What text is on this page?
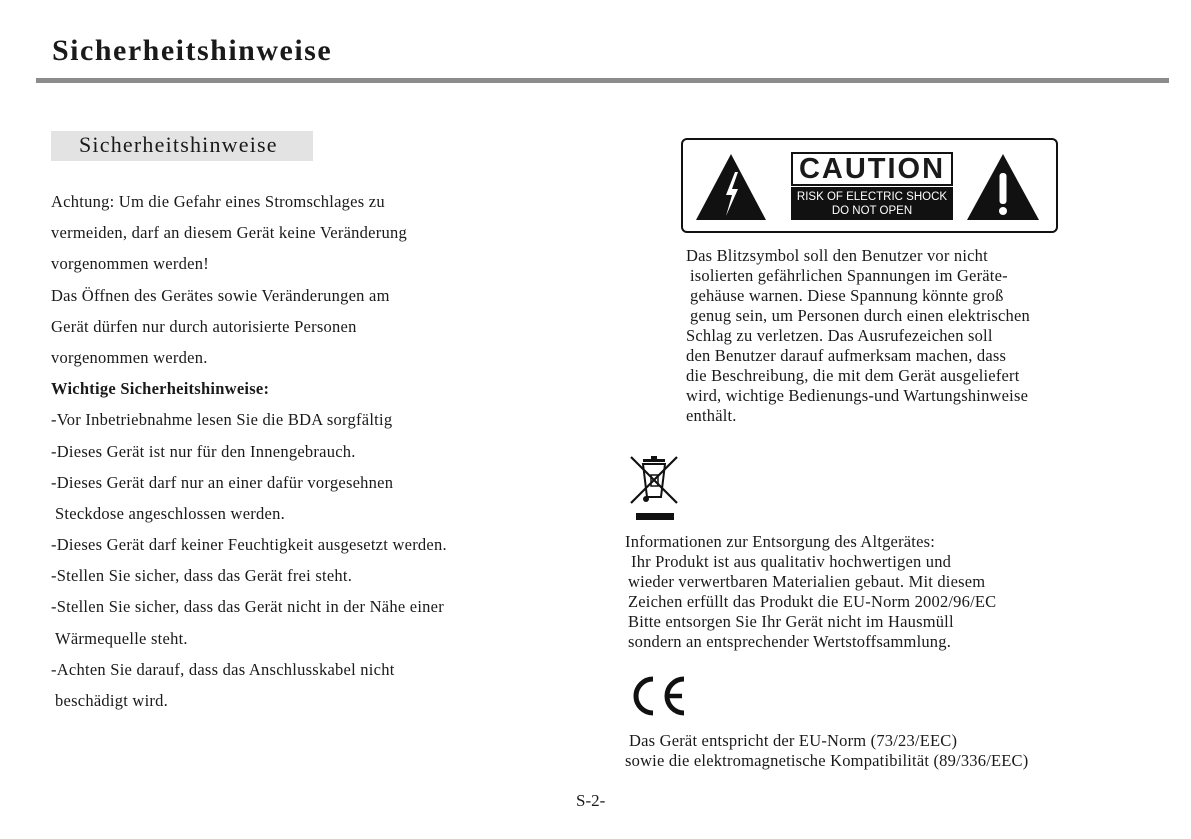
Sicherheitshinweise
Sicherheitshinweise
Achtung: Um die Gefahr eines Stromschlages zu
vermeiden, darf an diesem Gerät keine Veränderung
vorgenommen werden!
Das Öffnen des Gerätes sowie Veränderungen am
Gerät dürfen nur durch autorisierte Personen
vorgenommen werden.
Wichtige Sicherheitshinweise:
-Vor Inbetriebnahme lesen Sie die BDA sorgfältig
-Dieses Gerät ist nur für den Innengebrauch.
-Dieses Gerät darf nur an einer dafür vorgesehnen
Steckdose angeschlossen werden.
-Dieses Gerät darf keiner Feuchtigkeit ausgesetzt werden.
-Stellen Sie sicher, dass das Gerät frei steht.
-Stellen Sie sicher, dass das Gerät nicht in der Nähe einer
Wärmequelle steht.
-Achten Sie darauf, dass das Anschlusskabel nicht
beschädigt wird.
CAUTION
RISK OF ELECTRIC SHOCK
DO NOT OPEN
Das Blitzsymbol soll den Benutzer vor nicht
isolierten gefährlichen Spannungen im Geräte-
gehäuse warnen. Diese Spannung könnte groß
genug sein, um Personen durch einen elektrischen
Schlag zu verletzen. Das Ausrufezeichen soll
den Benutzer darauf aufmerksam machen, dass
die Beschreibung, die mit dem Gerät ausgeliefert
wird, wichtige Bedienungs-und Wartungshinweise
enthält.
Informationen zur Entsorgung des Altgerätes:
Ihr Produkt ist aus qualitativ hochwertigen und
wieder verwertbaren Materialien gebaut. Mit diesem
Zeichen erfüllt das Produkt die EU-Norm 2002/96/EC
Bitte entsorgen Sie Ihr Gerät nicht im Hausmüll
sondern an entsprechender Wertstoffsammlung.
Das Gerät entspricht der EU-Norm (73/23/EEC)
sowie die elektromagnetische Kompatibilität (89/336/EEC)
S-2-
